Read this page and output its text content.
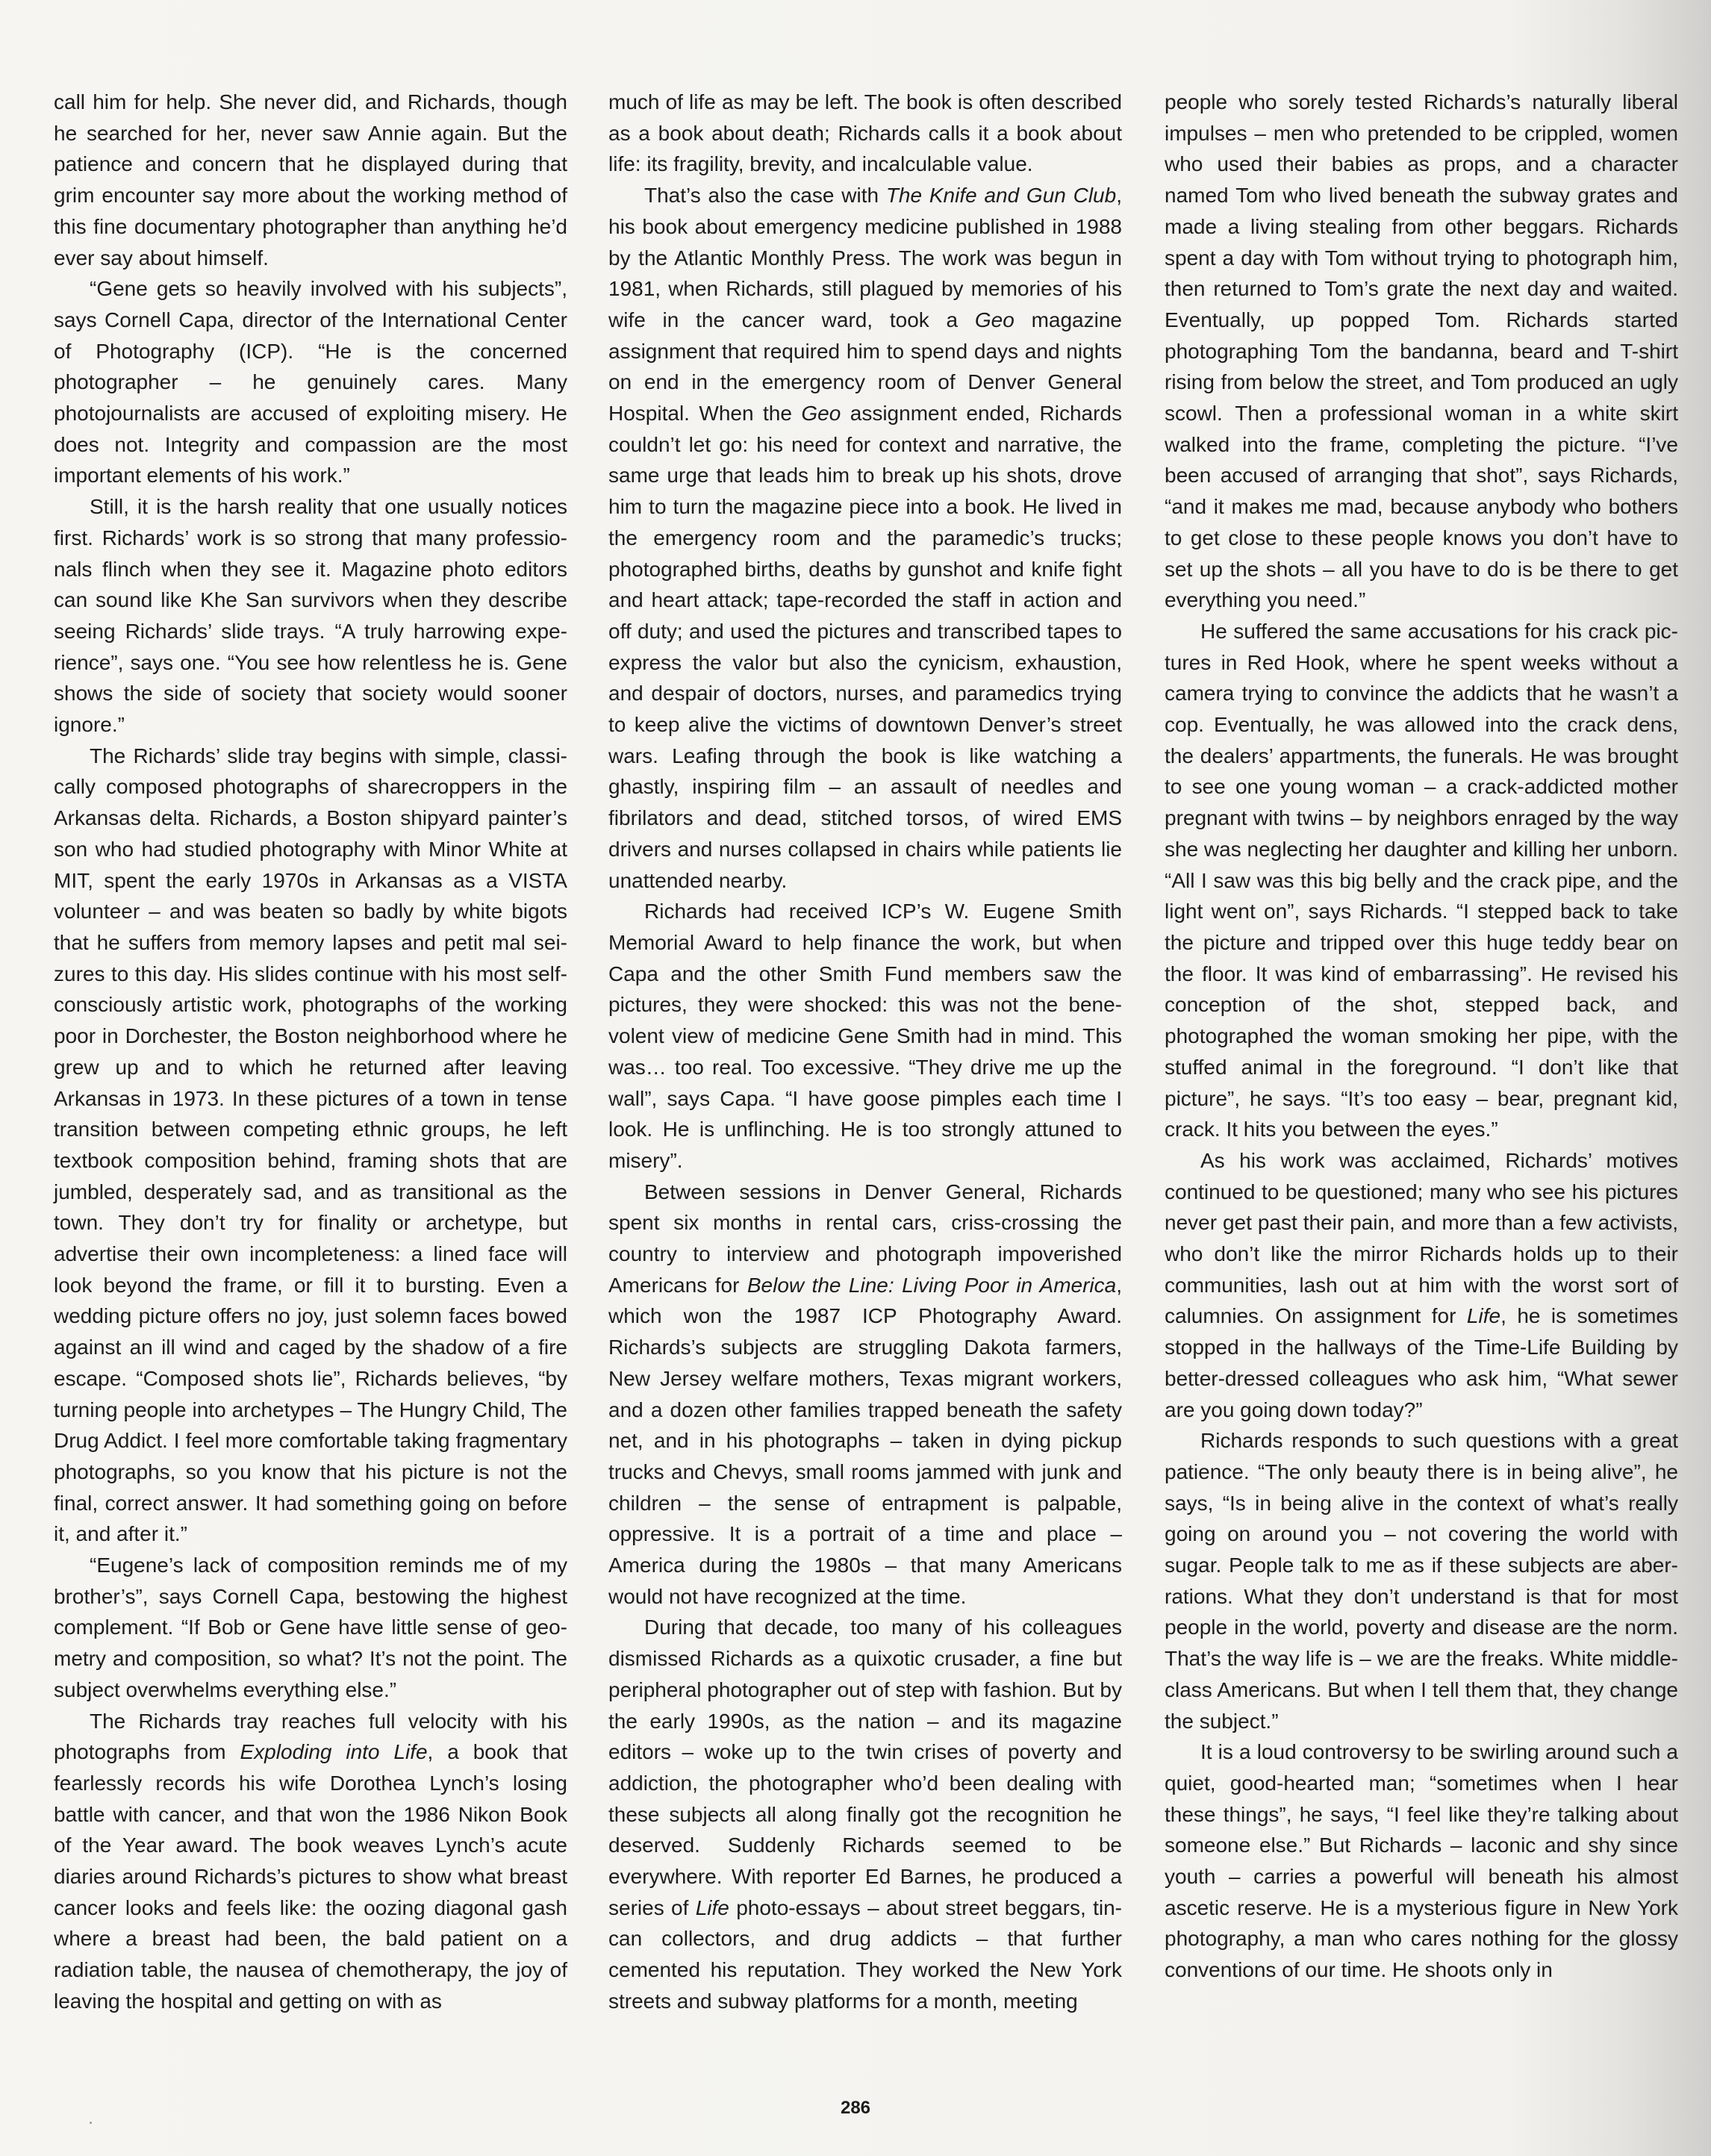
call him for help. She never did, and Richards, though he searched for her, never saw Annie again. But the patience and concern that he displayed during that grim encounter say more about the working method of this fine documentary photographer than anything he’d ever say about himself.

“Gene gets so heavily involved with his subjects”, says Cornell Capa, director of the International Center of Photography (ICP). “He is the concerned photographer – he genuinely cares. Many photojournalists are accused of exploiting misery. He does not. Integrity and compassion are the most important elements of his work.”

Still, it is the harsh reality that one usually notices first. Richards’ work is so strong that many professionals flinch when they see it. Magazine photo editors can sound like Khe San survivors when they describe seeing Richards’ slide trays. “A truly harrowing experience”, says one. “You see how relentless he is. Gene shows the side of society that society would sooner ignore.”

The Richards’ slide tray begins with simple, classically composed photographs of sharecroppers in the Arkansas delta. Richards, a Boston shipyard painter’s son who had studied photography with Minor White at MIT, spent the early 1970s in Arkansas as a VISTA volunteer – and was beaten so badly by white bigots that he suffers from memory lapses and petit mal seizures to this day. His slides continue with his most self-consciously artistic work, photographs of the working poor in Dorchester, the Boston neighborhood where he grew up and to which he returned after leaving Arkansas in 1973. In these pictures of a town in tense transition between competing ethnic groups, he left textbook composition behind, framing shots that are jumbled, desperately sad, and as transitional as the town. They don’t try for finality or archetype, but advertise their own incompleteness: a lined face will look beyond the frame, or fill it to bursting. Even a wedding picture offers no joy, just solemn faces bowed against an ill wind and caged by the shadow of a fire escape. “Composed shots lie”, Richards believes, “by turning people into archetypes – The Hungry Child, The Drug Addict. I feel more comfortable taking fragmentary photographs, so you know that his picture is not the final, correct answer. It had something going on before it, and after it.”

“Eugene’s lack of composition reminds me of my brother’s”, says Cornell Capa, bestowing the highest complement. “If Bob or Gene have little sense of geometry and composition, so what? It’s not the point. The subject overwhelms everything else.”

The Richards tray reaches full velocity with his photographs from Exploding into Life, a book that fearlessly records his wife Dorothea Lynch’s losing battle with cancer, and that won the 1986 Nikon Book of the Year award. The book weaves Lynch’s acute diaries around Richards’s pictures to show what breast cancer looks and feels like: the oozing diagonal gash where a breast had been, the bald patient on a radiation table, the nausea of chemotherapy, the joy of leaving the hospital and getting on with as

much of life as may be left. The book is often described as a book about death; Richards calls it a book about life: its fragility, brevity, and incalculable value.

That’s also the case with The Knife and Gun Club, his book about emergency medicine published in 1988 by the Atlantic Monthly Press. The work was begun in 1981, when Richards, still plagued by memories of his wife in the cancer ward, took a Geo magazine assignment that required him to spend days and nights on end in the emergency room of Denver General Hospital. When the Geo assignment ended, Richards couldn’t let go: his need for context and narrative, the same urge that leads him to break up his shots, drove him to turn the magazine piece into a book. He lived in the emergency room and the paramedic’s trucks; photographed births, deaths by gunshot and knife fight and heart attack; tape-recorded the staff in action and off duty; and used the pictures and transcribed tapes to express the valor but also the cynicism, exhaustion, and despair of doctors, nurses, and paramedics trying to keep alive the victims of downtown Denver’s street wars. Leafing through the book is like watching a ghastly, inspiring film – an assault of needles and fibrilators and dead, stitched torsos, of wired EMS drivers and nurses collapsed in chairs while patients lie unattended nearby.

Richards had received ICP’s W. Eugene Smith Memorial Award to help finance the work, but when Capa and the other Smith Fund members saw the pictures, they were shocked: this was not the benevolent view of medicine Gene Smith had in mind. This was… too real. Too excessive. “They drive me up the wall”, says Capa. “I have goose pimples each time I look. He is unflinching. He is too strongly attuned to misery”.

Between sessions in Denver General, Richards spent six months in rental cars, criss-crossing the country to interview and photograph impoverished Americans for Below the Line: Living Poor in America, which won the 1987 ICP Photography Award. Richards’s subjects are struggling Dakota farmers, New Jersey welfare mothers, Texas migrant workers, and a dozen other families trapped beneath the safety net, and in his photographs – taken in dying pickup trucks and Chevys, small rooms jammed with junk and children – the sense of entrapment is palpable, oppressive. It is a portrait of a time and place – America during the 1980s – that many Americans would not have recognized at the time.

During that decade, too many of his colleagues dismissed Richards as a quixotic crusader, a fine but peripheral photographer out of step with fashion. But by the early 1990s, as the nation – and its magazine editors – woke up to the twin crises of poverty and addiction, the photographer who’d been dealing with these subjects all along finally got the recognition he deserved. Suddenly Richards seemed to be everywhere. With reporter Ed Barnes, he produced a series of Life photo-essays – about street beggars, tin-can collectors, and drug addicts – that further cemented his reputation. They worked the New York streets and subway platforms for a month, meeting

people who sorely tested Richards’s naturally liberal impulses – men who pretended to be crippled, women who used their babies as props, and a character named Tom who lived beneath the subway grates and made a living stealing from other beggars. Richards spent a day with Tom without trying to photograph him, then returned to Tom’s grate the next day and waited. Eventually, up popped Tom. Richards started photographing Tom the bandanna, beard and T-shirt rising from below the street, and Tom produced an ugly scowl. Then a professional woman in a white skirt walked into the frame, completing the picture. “I’ve been accused of arranging that shot”, says Richards, “and it makes me mad, because anybody who bothers to get close to these people knows you don’t have to set up the shots – all you have to do is be there to get everything you need.”

He suffered the same accusations for his crack pictures in Red Hook, where he spent weeks without a camera trying to convince the addicts that he wasn’t a cop. Eventually, he was allowed into the crack dens, the dealers’ appartments, the funerals. He was brought to see one young woman – a crack-addicted mother pregnant with twins – by neighbors enraged by the way she was neglecting her daughter and killing her unborn. “All I saw was this big belly and the crack pipe, and the light went on”, says Richards. “I stepped back to take the picture and tripped over this huge teddy bear on the floor. It was kind of embarrassing”. He revised his conception of the shot, stepped back, and photographed the woman smoking her pipe, with the stuffed animal in the foreground. “I don’t like that picture”, he says. “It’s too easy – bear, pregnant kid, crack. It hits you between the eyes.”

As his work was acclaimed, Richards’ motives continued to be questioned; many who see his pictures never get past their pain, and more than a few activists, who don’t like the mirror Richards holds up to their communities, lash out at him with the worst sort of calumnies. On assignment for Life, he is sometimes stopped in the hallways of the Time-Life Building by better-dressed colleagues who ask him, “What sewer are you going down today?”

Richards responds to such questions with a great patience. “The only beauty there is in being alive”, he says, “Is in being alive in the context of what’s really going on around you – not covering the world with sugar. People talk to me as if these subjects are aberrations. What they don’t understand is that for most people in the world, poverty and disease are the norm. That’s the way life is – we are the freaks. White middle-class Americans. But when I tell them that, they change the subject.”

It is a loud controversy to be swirling around such a quiet, good-hearted man; “sometimes when I hear these things”, he says, “I feel like they’re talking about someone else.” But Richards – laconic and shy since youth – carries a powerful will beneath his almost ascetic reserve. He is a mysterious figure in New York photography, a man who cares nothing for the glossy conventions of our time. He shoots only in

286
